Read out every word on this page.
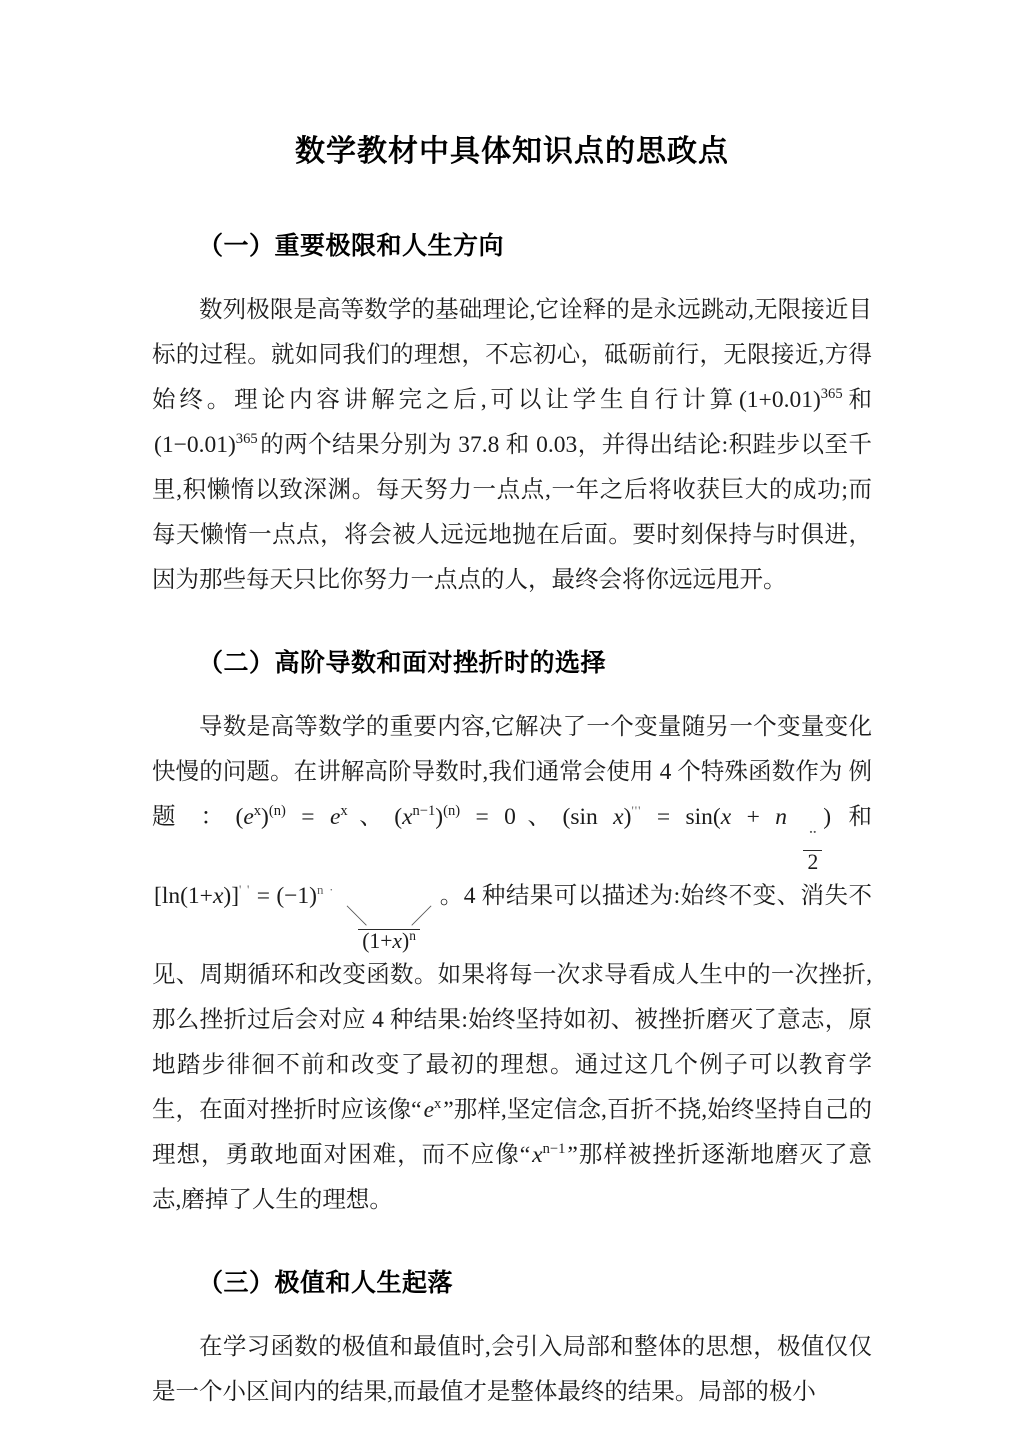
数学教材中具体知识点的思政点
（一）重要极限和人生方向

数列极限是高等数学的基础理论,它诠释的是永远跳动,无限接近目标的过程。就如同我们的理想，不忘初心，砥砺前行，无限接近,方得始终。理论内容讲解完之后,可以让学生自行计算$(1+0.01)^{365}$和$(1-0.01)^{365}$的两个结果分别为 37.8 和 0.03，并得出结论:积跬步以至千里,积懒惰以致深渊。每天努力一点点,一年之后将收获巨大的成功;而每天懒惰一点点，将会被人远远地抛在后面。要时刻保持与时俱进，因为那些每天只比你努力一点点的人，最终会将你远远甩开。

（二）高阶导数和面对挫折时的选择

导数是高等数学的重要内容,它解决了一个变量随另一个变量变化快慢的问题。在讲解高阶导数时,我们通常会使用 4 个特殊函数作为 例 题 ：$(e^x)^{(n)} = e^x$、$(x^{n-1})^{(n)} = 0$、(sin x)''' = sin(x + n
$\frac{¨}{2}$
) 和 $[\ln(1+x)]^{' '} = (-1)^{n \cdot}$
$\frac{\backslash /}{(1+x)^n}$
。4 种结果可以描述为:始终不变、消失不见、周期循环和改变函数。如果将每一次求导看成人生中的一次挫折,那么挫折过后会对应 4 种结果:始终坚持如初、被挫折磨灭了意志，原地踏步徘徊不前和改变了最初的理想。通过这几个例子可以教育学生，在面对挫折时应该像“$e^x$”那样,坚定信念,百折不挠,始终坚持自己的理想，勇敢地面对困难，而不应像“$x^{n-1}$”那样被挫折逐渐地磨灭了意志,磨掉了人生的理想。

（三）极值和人生起落

在学习函数的极值和最值时,会引入局部和整体的思想，极值仅仅是一个小区间内的结果,而最值才是整体最终的结果。局部的极小
